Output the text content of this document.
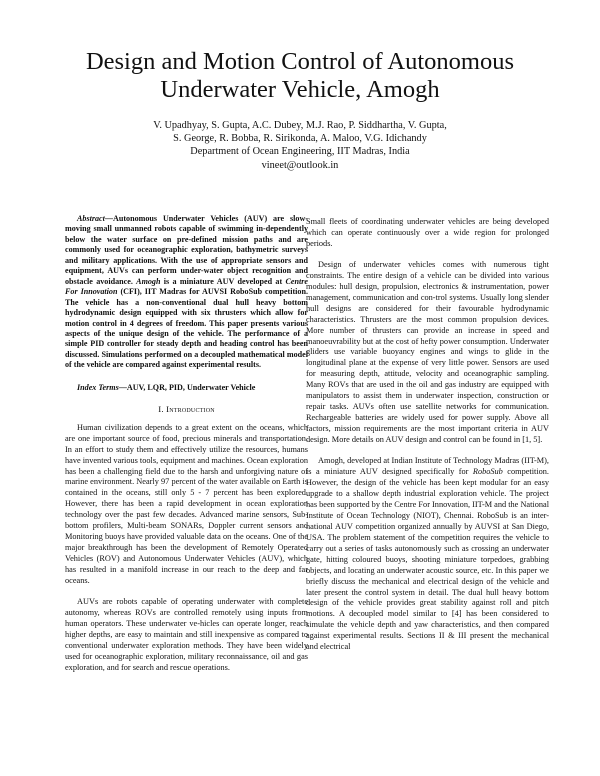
Design and Motion Control of Autonomous Underwater Vehicle, Amogh
V. Upadhyay, S. Gupta, A.C. Dubey, M.J. Rao, P. Siddhartha, V. Gupta,
S. George, R. Bobba, R. Sirikonda, A. Maloo, V.G. Idichandy
Department of Ocean Engineering, IIT Madras, India
vineet@outlook.in

Abstract—Autonomous Underwater Vehicles (AUV) are slow-moving small unmanned robots capable of swimming in-dependently below the water surface on pre-defined mission paths and are commonly used for oceanographic exploration, bathymetric surveys and military applications. With the use of appropriate sensors and equipment, AUVs can perform under-water object recognition and obstacle avoidance. Amogh is a miniature AUV developed at Centre For Innovation (CFI), IIT Madras for AUVSI RoboSub competition. The vehicle has a non-conventional dual hull heavy bottom hydrodynamic design equipped with six thrusters which allow for motion control in 4 degrees of freedom. This paper presents various aspects of the unique design of the vehicle. The performance of a simple PID controller for steady depth and heading control has been discussed. Simulations performed on a decoupled mathematical model of the vehicle are compared against experimental results.

Index Terms—AUV, LQR, PID, Underwater Vehicle

I. Introduction

Human civilization depends to a great extent on the oceans, which are one important source of food, precious minerals and transportation. In an effort to study them and effectively utilize the resources, humans have invented various tools, equipment and machines. Ocean exploration has been a challenging field due to the harsh and unforgiving nature of marine environment. Nearly 97 percent of the water available on Earth is contained in the oceans, still only 5 - 7 percent has been explored. However, there has been a rapid development in ocean exploration technology over the past few decades. Advanced marine sensors, Sub-bottom profilers, Multi-beam SONARs, Doppler current sensors and Monitoring buoys have provided valuable data on the oceans. One of the major breakthrough has been the development of Remotely Operated Vehicles (ROV) and Autonomous Underwater Vehicles (AUV), which has resulted in a manifold increase in our reach to the deep and far oceans.

AUVs are robots capable of operating underwater with complete autonomy, whereas ROVs are controlled remotely using inputs from human operators. These underwater ve-hicles can operate longer, reach higher depths, are easy to maintain and still inexpensive as compared to conventional underwater exploration methods. They have been widely used for oceanographic exploration, military reconnaissance, oil and gas exploration, and for search and rescue operations.

Small fleets of coordinating underwater vehicles are being developed which can operate continuously over a wide region for prolonged periods.

Design of underwater vehicles comes with numerous tight constraints. The entire design of a vehicle can be divided into various modules: hull design, propulsion, electronics & instrumentation, power management, communication and con-trol systems. Usually long slender hull designs are considered for their favourable hydrodynamic characteristics. Thrusters are the most common propulsion devices. More number of thrusters can provide an increase in speed and manoeuvrability but at the cost of hefty power consumption. Underwater gliders use variable buoyancy engines and wings to glide in the longitudinal plane at the expense of very little power. Sensors are used for measuring depth, attitude, velocity and oceanographic sampling. Many ROVs that are used in the oil and gas industry are equipped with manipulators to assist them in underwater inspection, construction or repair tasks. AUVs often use satellite networks for communication. Rechargeable batteries are widely used for power supply. Above all factors, mission requirements are the most important criteria in AUV design. More details on AUV design and control can be found in [1, 5].

Amogh, developed at Indian Institute of Technology Madras (IIT-M), is a miniature AUV designed specifically for RoboSub competition. However, the design of the vehicle has been kept modular for an easy upgrade to a shallow depth industrial exploration vehicle. The project has been supported by the Centre For Innovation, IIT-M and the National Institute of Ocean Technology (NIOT), Chennai. RoboSub is an inter-national AUV competition organized annually by AUVSI at San Diego, USA. The problem statement of the competition requires the vehicle to carry out a series of tasks autonomously such as crossing an underwater gate, hitting coloured buoys, shooting miniature torpedoes, grabbing objects, and locating an underwater acoustic source, etc. In this paper we briefly discuss the mechanical and electrical design of the vehicle and later present the control system in detail. The dual hull heavy bottom design of the vehicle provides great stability against roll and pitch motions. A decoupled model similar to [4] has been considered to simulate the vehicle depth and yaw characteristics, and then compared against experimental results. Sections II & III present the mechanical and electrical
